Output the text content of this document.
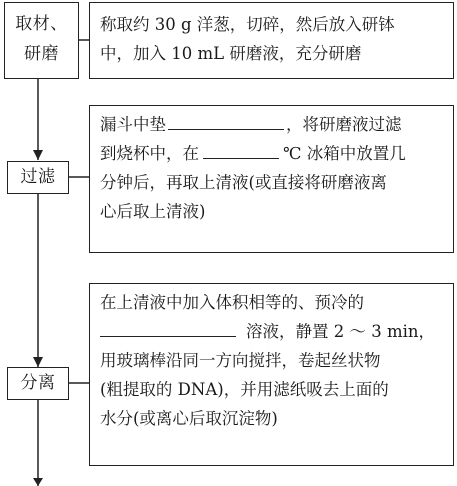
取材、
研磨
称取约 30 g 洋葱，切碎，然后放入研钵
中，加入 10 mL 研磨液，充分研磨
过滤
漏斗中垫	，将研磨液过滤
到烧杯中，在	℃ 冰箱中放置几
分钟后，再取上清液(或直接将研磨液离
心后取上清液)
分离
在上清液中加入体积相等的、预冷的
溶液，静置 2 ～ 3 min，
用玻璃棒沿同一方向搅拌，卷起丝状物
(粗提取的 DNA)，并用滤纸吸去上面的
水分(或离心后取沉淀物)
